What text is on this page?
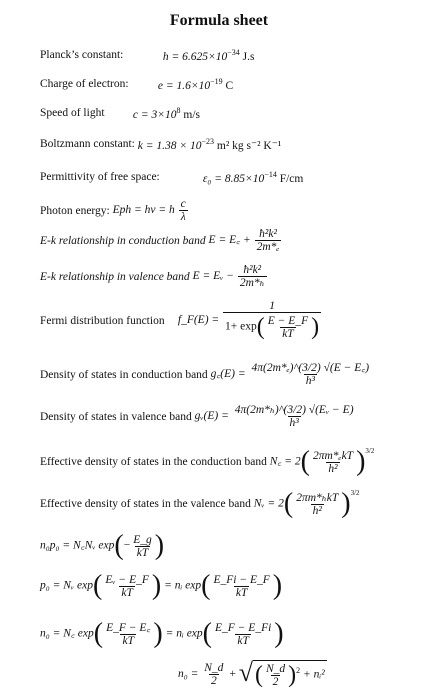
Formula sheet
Planck’s constant:	$h = 6.625\times 10^{-34}$ J.s
Charge of electron:	$e = 1.6\times 10^{-19}$ C
Speed of light $c = 3\times 10^8$ m/s
Boltzmann constant: $k = 1.38 \times 10^{-23}$ m² kg s⁻² K⁻¹
Permittivity of free space:	$\varepsilon_0 = 8.85\times 10^{-14}$ F/cm
Photon energy: Eph = hν = h $\frac{c}{\lambda}$
E-k relationship in conduction band E = E꜀ + $\frac{\text{ħ²k²}}{\text{2m*ₑ}}$
E-k relationship in valence band E = Eᵥ − $\frac{\text{ħ²k²}}{\text{2m*ₕ}}$
Fermi distribution function f_F(E) = $\frac{1}{1+ \exp( \frac{E - E\_F}{kT} )}$
Density of states in conduction band g꜀(E) = $\frac{\text{4π(2m*ₑ)\textasciicircum{}(3/2) √(E − E꜀)}}{\text{h³}}$
Density of states in valence band gᵥ(E) = $\frac{\text{4π(2m*ₕ)\textasciicircum{}(3/2) √(Eᵥ − E)}}{\text{h³}}$
Effective density of states in the conduction band N꜀ = $2( \frac{\text{2πm*ₑkT}}{\text{h²}} )^{3/2}$
Effective density of states in the valence band Nᵥ = $2( \frac{\text{2πm*ₕkT}}{\text{h²}} )^{3/2}$
n₀p₀ = N꜀Nᵥ $\exp(- \frac{E\_g}{kT}$ )
p₀ = Nᵥ $\exp( \frac{\text{Eᵥ − E\_F}}{kT}$ ) = nᵢ $\exp( \frac{E\_Fi - E\_F}{kT}$ )
n₀ = N꜀ $\exp( \frac{E\_F - E꜀}{kT}$ ) = nᵢ $\exp( \frac{E\_F - E\_Fi}{kT}$ )
$n_0 = \frac{N\_d}{2}$ + √ ( $\frac{N\_d}{2} )^2$ + nᵢ²
